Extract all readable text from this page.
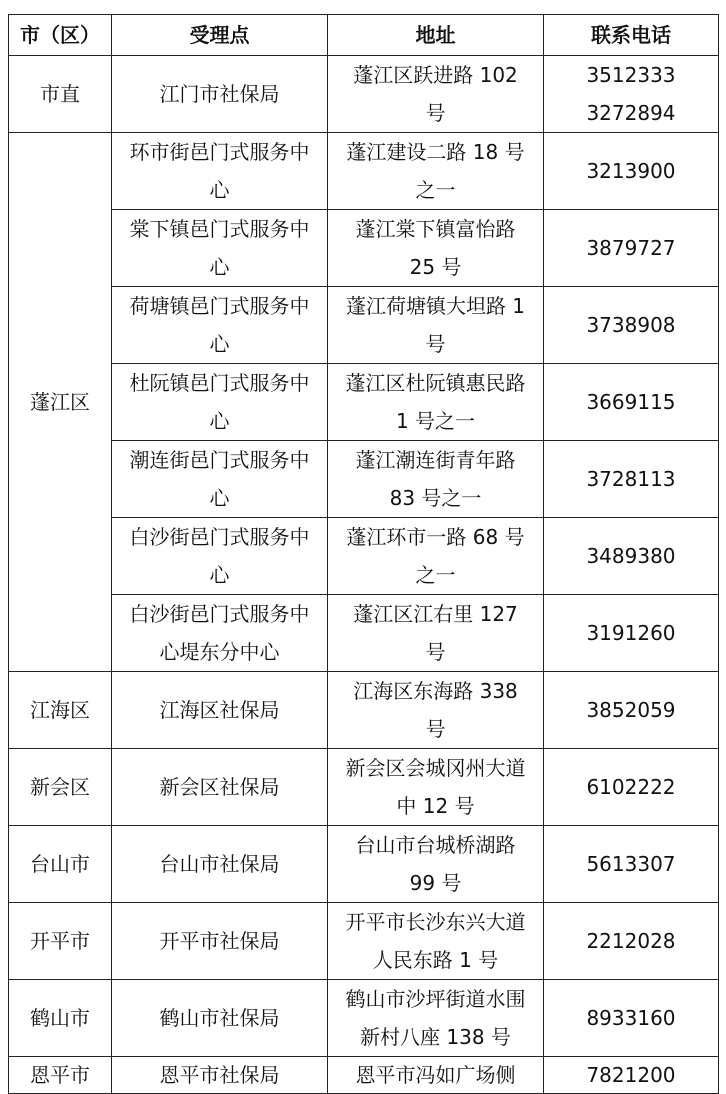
市（区）	受理点	地址	联系电话
市直	江门市社保局	蓬江区跃进路 102 号	3512333
3272894

蓬江区	环市街邑门式服务中心	蓬江建设二路 18 号之一	3213900

	棠下镇邑门式服务中心	蓬江棠下镇富怡路 25 号	3879727

	荷塘镇邑门式服务中心	蓬江荷塘镇大坦路 1 号	3738908

	杜阮镇邑门式服务中心	蓬江区杜阮镇惠民路 1 号之一	3669115

	潮连街邑门式服务中心	蓬江潮连街青年路 83 号之一	3728113

	白沙街邑门式服务中心	蓬江环市一路 68 号之一	3489380

	白沙街邑门式服务中心堤东分中心	蓬江区江右里 127 号	3191260
江海区	江海区社保局	江海区东海路 338 号	3852059
新会区	新会区社保局	新会区会城冈州大道中 12 号	6102222
台山市	台山市社保局	台山市台城桥湖路 99 号	5613307
开平市	开平市社保局	开平市长沙东兴大道人民东路 1 号	2212028
鹤山市	鹤山市社保局	鹤山市沙坪街道水围新村八座 138 号	8933160
恩平市	恩平市社保局	恩平市冯如广场侧	7821200
